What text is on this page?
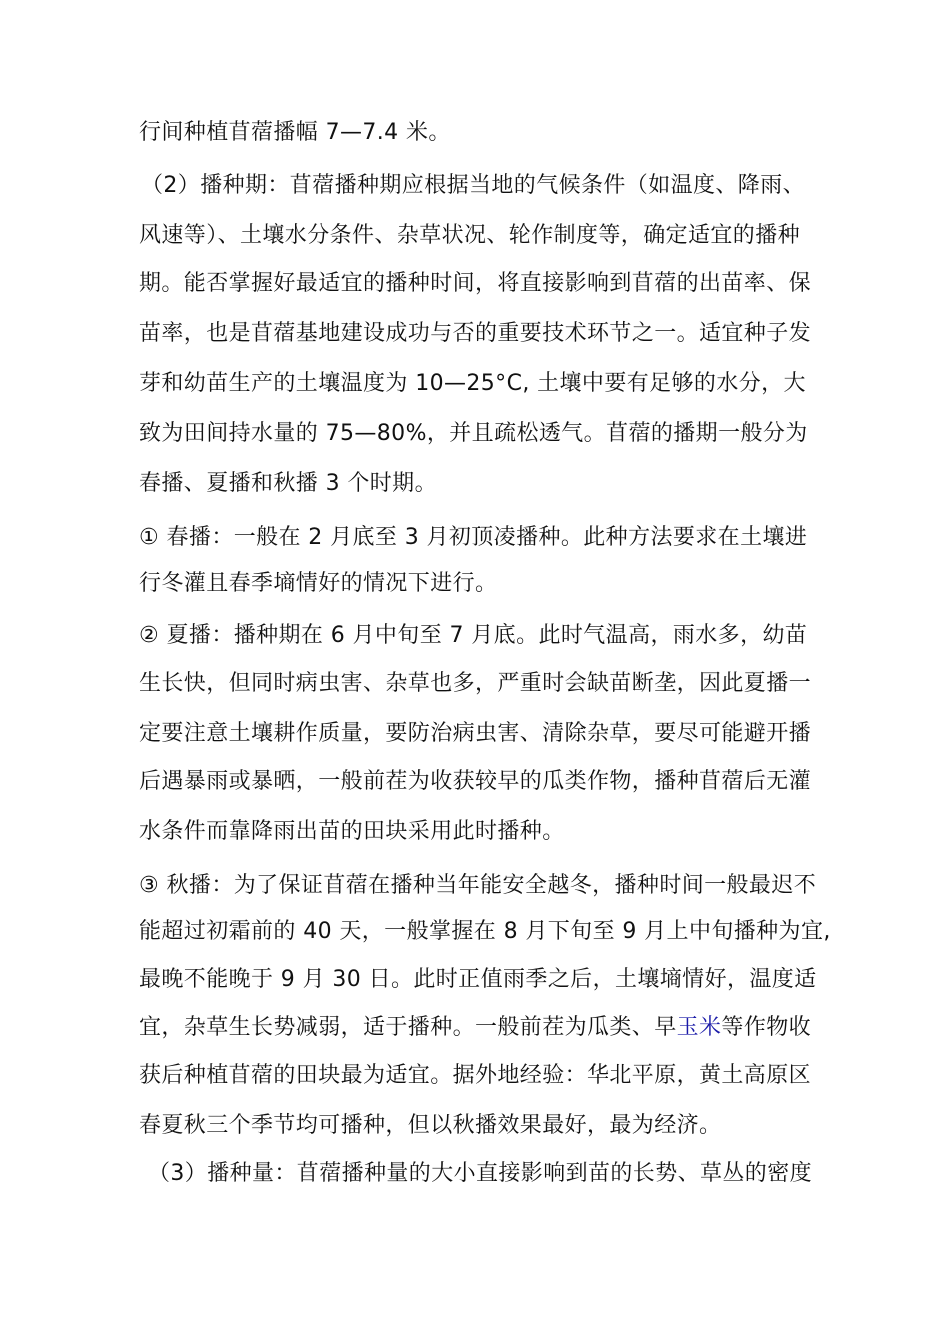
行间种植苜蓿播幅 7—7.4 米。
（2）播种期：苜蓿播种期应根据当地的气候条件（如温度、降雨、
风速等）、土壤水分条件、杂草状况、轮作制度等，确定适宜的播种
期。能否掌握好最适宜的播种时间，将直接影响到苜蓿的出苗率、保
苗率，也是苜蓿基地建设成功与否的重要技术环节之一。适宜种子发
芽和幼苗生产的土壤温度为 10—25°C, 土壤中要有足够的水分，大
致为田间持水量的 75—80%，并且疏松透气。苜蓿的播期一般分为
春播、夏播和秋播 3 个时期。
① 春播：一般在 2 月底至 3 月初顶凌播种。此种方法要求在土壤进
行冬灌且春季墒情好的情况下进行。
② 夏播：播种期在 6 月中旬至 7 月底。此时气温高，雨水多，幼苗
生长快，但同时病虫害、杂草也多，严重时会缺苗断垄，因此夏播一
定要注意土壤耕作质量，要防治病虫害、清除杂草，要尽可能避开播
后遇暴雨或暴晒，一般前茬为收获较早的瓜类作物，播种苜蓿后无灌
水条件而靠降雨出苗的田块采用此时播种。
③ 秋播：为了保证苜蓿在播种当年能安全越冬，播种时间一般最迟不
能超过初霜前的 40 天，一般掌握在 8 月下旬至 9 月上中旬播种为宜,
最晚不能晚于 9 月 30 日。此时正值雨季之后，土壤墒情好，温度适
宜，杂草生长势减弱，适于播种。一般前茬为瓜类、早玉米等作物收
获后种植苜蓿的田块最为适宜。据外地经验：华北平原，黄土高原区
春夏秋三个季节均可播种，但以秋播效果最好，最为经济。
（3）播种量：苜蓿播种量的大小直接影响到苗的长势、草丛的密度
